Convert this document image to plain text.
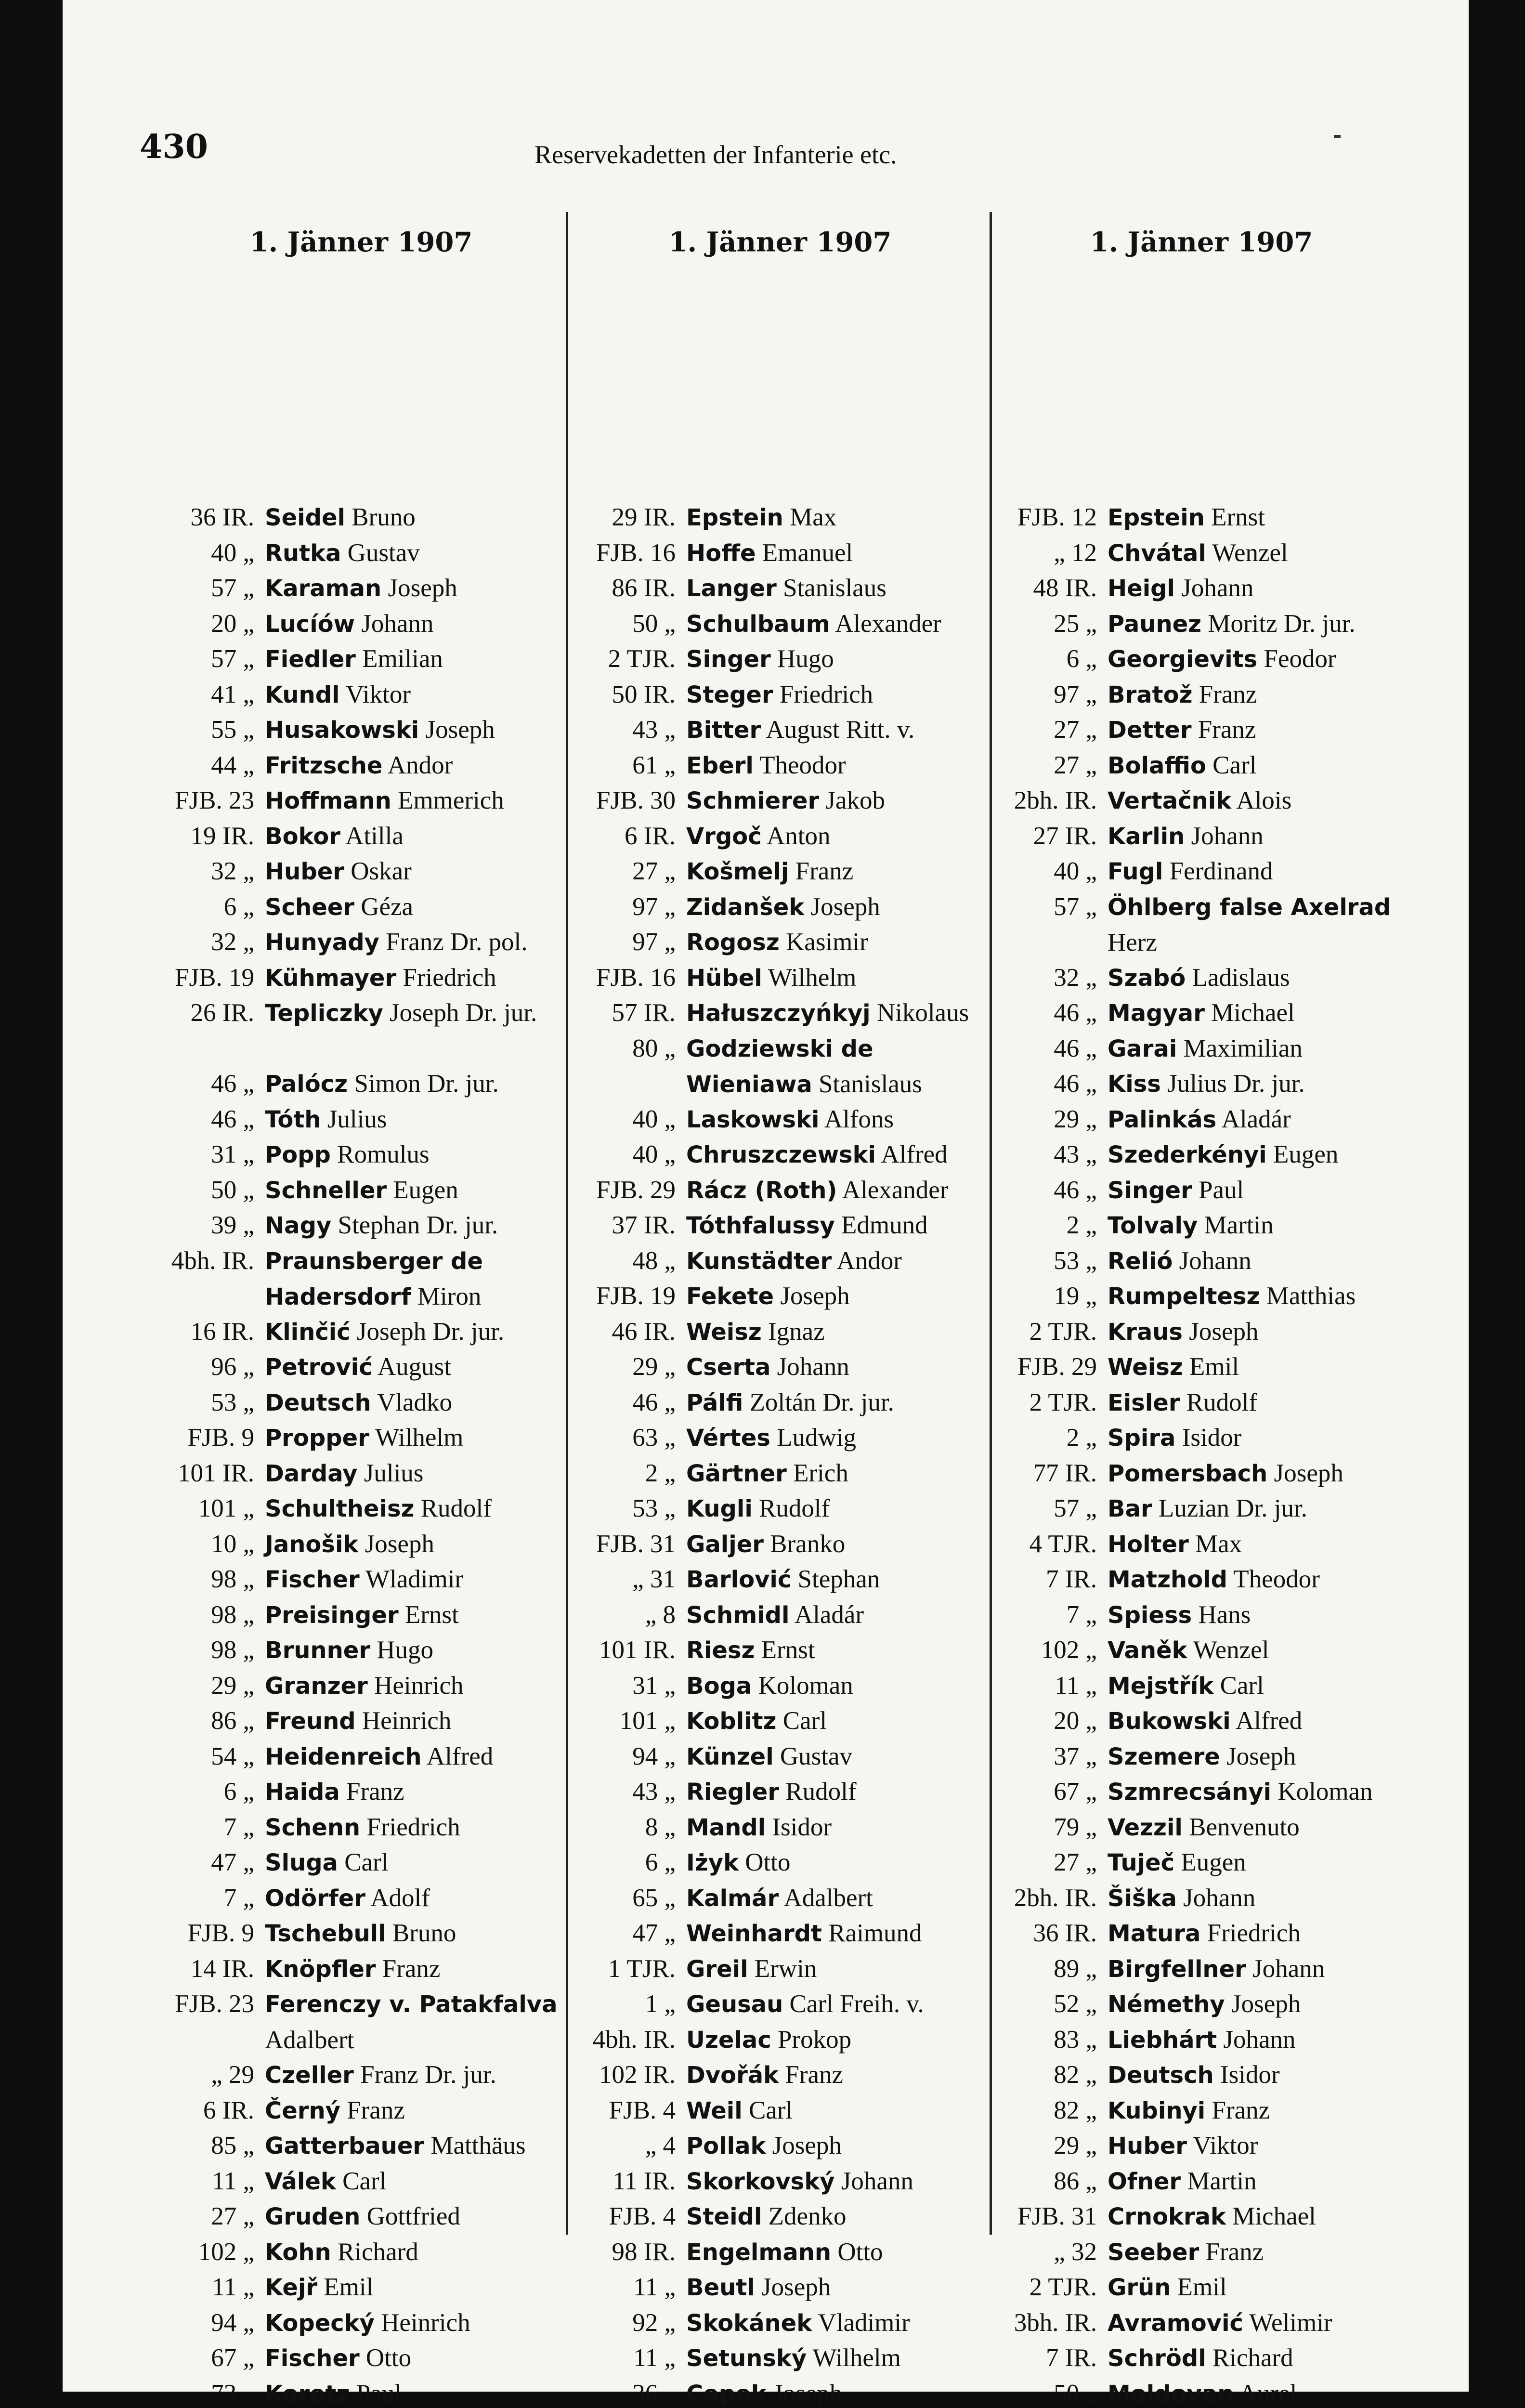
430	Reservekadetten der Infanterie etc.
1. Jänner 1907	1. Jänner 1907	1. Jänner 1907
36 IR. Seidel Bruno
40 „ Rutka Gustav
57 „ Karaman Joseph
20 „ Lucíów Johann
57 „ Fiedler Emilian
41 „ Kundl Viktor
55 „ Husakowski Joseph
44 „ Fritzsche Andor
FJB. 23 Hoffmann Emmerich
19 IR. Bokor Atilla
32 „ Huber Oskar
6 „ Scheer Géza
32 „ Hunyady Franz Dr. pol.
FJB. 19 Kühmayer Friedrich
26 IR. Tepliczky Joseph Dr. jur.
46 „ Palócz Simon Dr. jur.
46 „ Tóth Julius
31 „ Popp Romulus
50 „ Schneller Eugen
39 „ Nagy Stephan Dr. jur.
4bh. IR. Praunsberger de Hadersdorf Miron
16 IR. Klinčić Joseph Dr. jur.
96 „ Petrović August
53 „ Deutsch Vladko
FJB. 9 Propper Wilhelm
101 IR. Darday Julius
101 „ Schultheisz Rudolf
10 „ Janošik Joseph
98 „ Fischer Wladimir
98 „ Preisinger Ernst
98 „ Brunner Hugo
29 „ Granzer Heinrich
86 „ Freund Heinrich
54 „ Heidenreich Alfred
6 „ Haida Franz
7 „ Schenn Friedrich
47 „ Sluga Carl
7 „ Odörfer Adolf
FJB. 9 Tschebull Bruno
14 IR. Knöpfler Franz
FJB. 23 Ferenczy v. Patakfalva Adalbert
„ 29 Czeller Franz Dr. jur.
6 IR. Černý Franz
85 „ Gatterbauer Matthäus
11 „ Válek Carl
27 „ Gruden Gottfried
102 „ Kohn Richard
11 „ Kejř Emil
94 „ Kopecký Heinrich
67 „ Fischer Otto
73 „ Koretz Paul
29 IR. Epstein Max
FJB. 16 Hoffe Emanuel
86 IR. Langer Stanislaus
50 „ Schulbaum Alexander
2 TJR. Singer Hugo
50 IR. Steger Friedrich
43 „ Bitter August Ritt. v.
61 „ Eberl Theodor
FJB. 30 Schmierer Jakob
6 IR. Vrgoč Anton
27 „ Košmelj Franz
97 „ Zidanšek Joseph
97 „ Rogosz Kasimir
FJB. 16 Hübel Wilhelm
57 IR. Hałuszczyńkyj Nikolaus
80 „ Godziewski de Wieniawa Stanislaus
40 „ Laskowski Alfons
40 „ Chruszczewski Alfred
FJB. 29 Rácz (Roth) Alexander
37 IR. Tóthfalussy Edmund
48 „ Kunstädter Andor
FJB. 19 Fekete Joseph
46 IR. Weisz Ignaz
29 „ Cserta Johann
46 „ Pálfi Zoltán Dr. jur.
63 „ Vértes Ludwig
2 „ Gärtner Erich
53 „ Kugli Rudolf
FJB. 31 Galjer Branko
„ 31 Barlović Stephan
„ 8 Schmidl Aladár
101 IR. Riesz Ernst
31 „ Boga Koloman
101 „ Koblitz Carl
94 „ Künzel Gustav
43 „ Riegler Rudolf
8 „ Mandl Isidor
6 „ Iżyk Otto
65 „ Kalmár Adalbert
47 „ Weinhardt Raimund
1 TJR. Greil Erwin
1 „ Geusau Carl Freih. v.
4bh. IR. Uzelac Prokop
102 IR. Dvořák Franz
FJB. 4 Weil Carl
„ 4 Pollak Joseph
11 IR. Skorkovský Johann
FJB. 4 Steidl Zdenko
98 IR. Engelmann Otto
11 „ Beutl Joseph
92 „ Skokánek Vladimir
11 „ Setunský Wilhelm
36 „ Cepek Joseph
FJB. 12 Epstein Ernst
„ 12 Chvátal Wenzel
48 IR. Heigl Johann
25 „ Paunez Moritz Dr. jur.
6 „ Georgievits Feodor
97 „ Bratož Franz
27 „ Detter Franz
27 „ Bolaffio Carl
2bh. IR. Vertačnik Alois
27 IR. Karlin Johann
40 „ Fugl Ferdinand
57 „ Öhlberg false Axelrad Herz
32 „ Szabó Ladislaus
46 „ Magyar Michael
46 „ Garai Maximilian
46 „ Kiss Julius Dr. jur.
29 „ Palinkás Aladár
43 „ Szederkényi Eugen
46 „ Singer Paul
2 „ Tolvaly Martin
53 „ Relió Johann
19 „ Rumpeltesz Matthias
2 TJR. Kraus Joseph
FJB. 29 Weisz Emil
2 TJR. Eisler Rudolf
2 „ Spira Isidor
77 IR. Pomersbach Joseph
57 „ Bar Luzian Dr. jur.
4 TJR. Holter Max
7 IR. Matzhold Theodor
7 „ Spiess Hans
102 „ Vaněk Wenzel
11 „ Mejstřík Carl
20 „ Bukowski Alfred
37 „ Szemere Joseph
67 „ Szmrecsányi Koloman
79 „ Vezzil Benvenuto
27 „ Tuječ Eugen
2bh. IR. Šiška Johann
36 IR. Matura Friedrich
89 „ Birgfellner Johann
52 „ Némethy Joseph
83 „ Liebhárt Johann
82 „ Deutsch Isidor
82 „ Kubinyi Franz
29 „ Huber Viktor
86 „ Ofner Martin
FJB. 31 Crnokrak Michael
„ 32 Seeber Franz
2 TJR. Grün Emil
3bh. IR. Avramović Welimir
7 IR. Schrödl Richard
50 „ Moldovan Aurel
